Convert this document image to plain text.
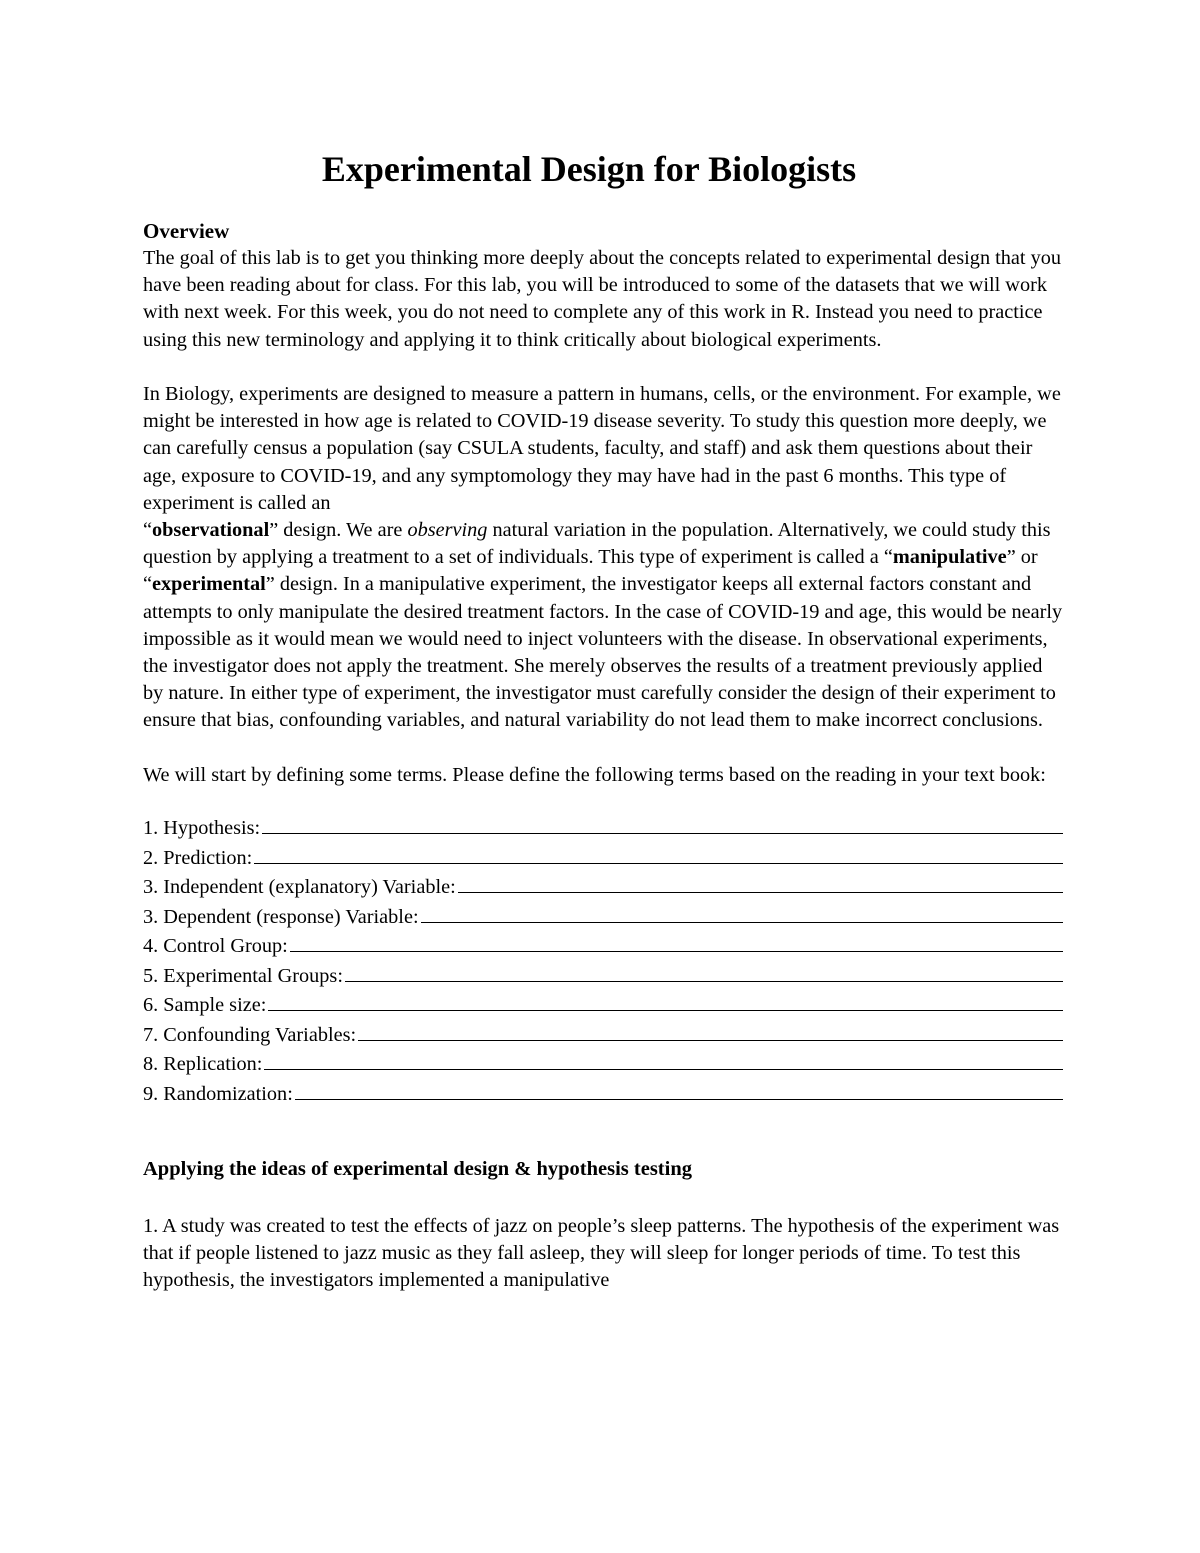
Experimental Design for Biologists
Overview

The goal of this lab is to get you thinking more deeply about the concepts related to experimental design that you have been reading about for class. For this lab, you will be introduced to some of the datasets that we will work with next week. For this week, you do not need to complete any of this work in R. Instead you need to practice using this new terminology and applying it to think critically about biological experiments.

In Biology, experiments are designed to measure a pattern in humans, cells, or the environment. For example, we might be interested in how age is related to COVID-19 disease severity. To study this question more deeply, we can carefully census a population (say CSULA students, faculty, and staff) and ask them questions about their age, exposure to COVID-19, and any symptomology they may have had in the past 6 months. This type of experiment is called an
“observational” design. We are observing natural variation in the population. Alternatively, we could study this question by applying a treatment to a set of individuals. This type of experiment is called a “manipulative” or “experimental” design. In a manipulative experiment, the investigator keeps all external factors constant and attempts to only manipulate the desired treatment factors. In the case of COVID-19 and age, this would be nearly impossible as it would mean we would need to inject volunteers with the disease. In observational experiments, the investigator does not apply the treatment. She merely observes the results of a treatment previously applied by nature. In either type of experiment, the investigator must carefully consider the design of their experiment to ensure that bias, confounding variables, and natural variability do not lead them to make incorrect conclusions.

We will start by defining some terms. Please define the following terms based on the reading in your text book:

1. Hypothesis:
2. Prediction:
3. Independent (explanatory) Variable:
3. Dependent (response) Variable:
4. Control Group:
5. Experimental Groups:
6. Sample size:
7. Confounding Variables:
8. Replication:
9. Randomization:
Applying the ideas of experimental design & hypothesis testing

1. A study was created to test the effects of jazz on people’s sleep patterns. The hypothesis of the experiment was that if people listened to jazz music as they fall asleep, they will sleep for longer periods of time. To test this hypothesis, the investigators implemented a manipulative
